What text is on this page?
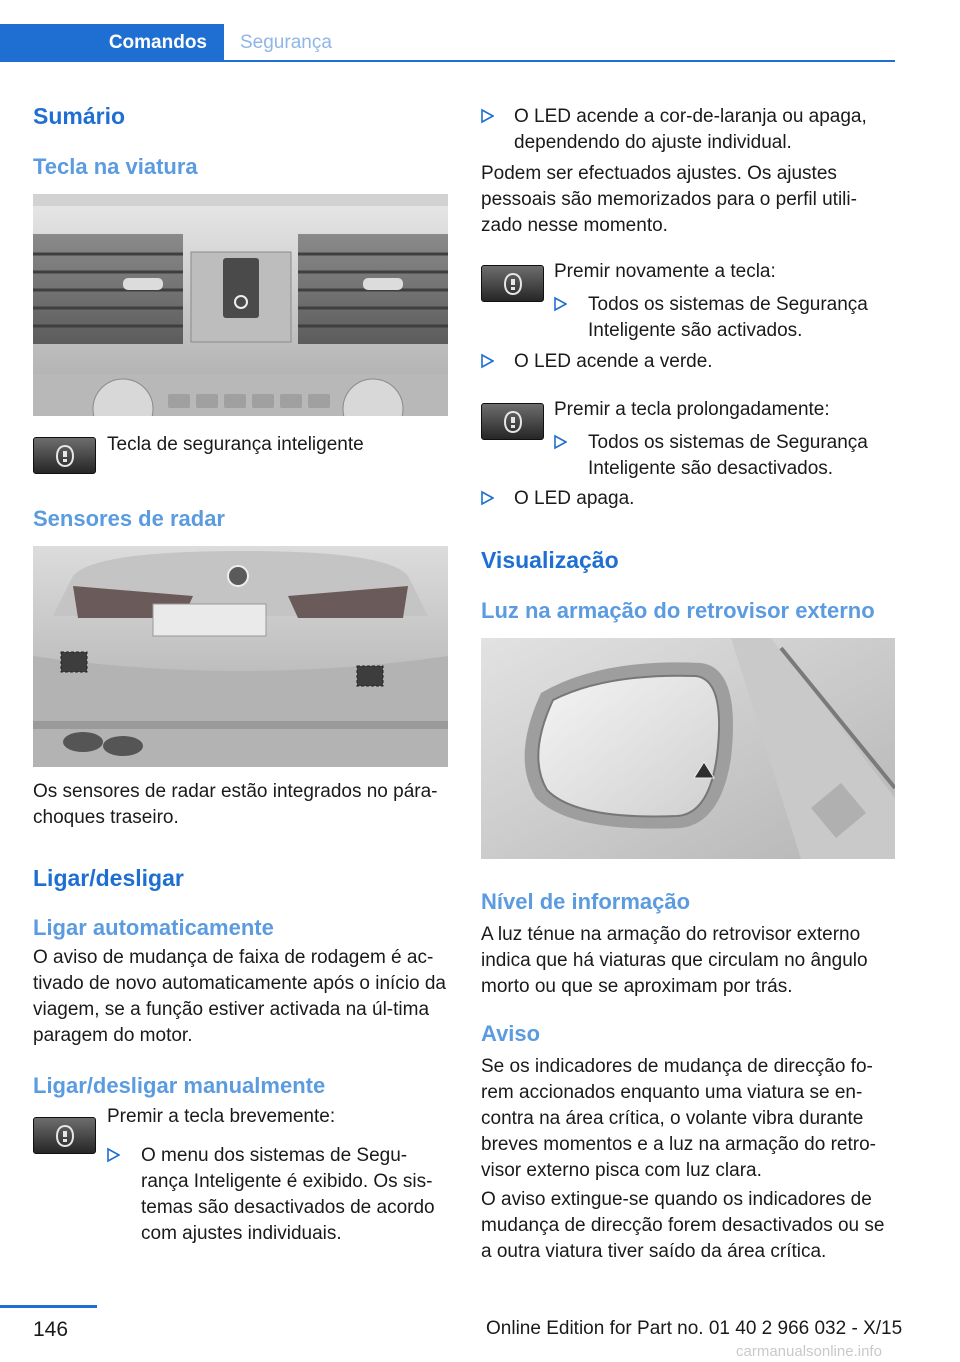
Comandos	Segurança
Sumário
Tecla na viatura
Tecla de segurança inteligente
Sensores de radar

Os sensores de radar estão integrados no pára-choques traseiro.

Ligar/desligar
Ligar automaticamente

O aviso de mudança de faixa de rodagem é ac-tivado de novo automaticamente após o início da viagem, se a função estiver activada na úl-tima paragem do motor.

Ligar/desligar manualmente
Premir a tecla brevemente:
O menu dos sistemas de Segu-rança Inteligente é exibido. Os sis-temas são desactivados de acordo com ajustes individuais.
O LED acende a cor-de-laranja ou apaga, dependendo do ajuste individual.

Podem ser efectuados ajustes. Os ajustes pessoais são memorizados para o perfil utili-zado nesse momento.

Premir novamente a tecla:
Todos os sistemas de Segurança Inteligente são activados.
O LED acende a verde.
Premir a tecla prolongadamente:
Todos os sistemas de Segurança Inteligente são desactivados.
O LED apaga.
Visualização
Luz na armação do retrovisor externo
Nível de informação

A luz ténue na armação do retrovisor externo indica que há viaturas que circulam no ângulo morto ou que se aproximam por trás.

Aviso

Se os indicadores de mudança de direcção fo-rem accionados enquanto uma viatura se en-contra na área crítica, o volante vibra durante breves momentos e a luz na armação do retro-visor externo pisca com luz clara.

O aviso extingue-se quando os indicadores de mudança de direcção forem desactivados ou se a outra viatura tiver saído da área crítica.

146	Online Edition for Part no. 01 40 2 966 032 - X/15
carmanualsonline.info
